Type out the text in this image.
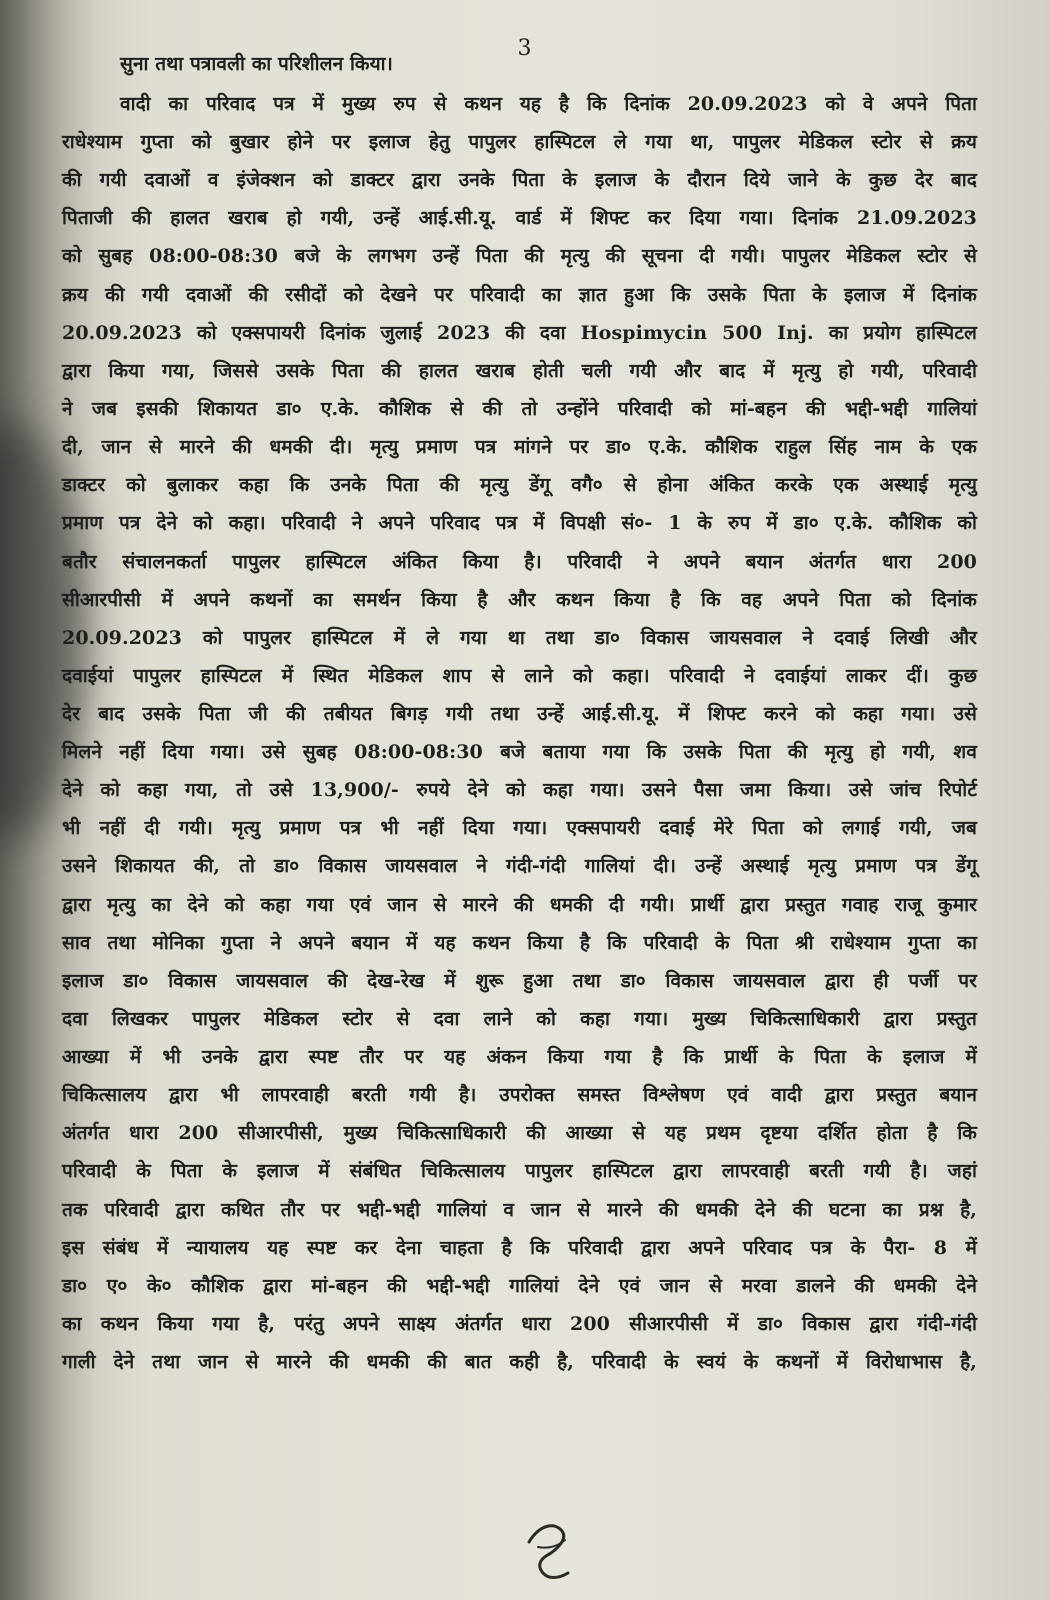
3
सुना तथा पत्रावली का परिशीलन किया।
वादी का परिवाद पत्र में मुख्य रुप से कथन यह है कि दिनांक 20.09.2023 को वे अपने पिता
राधेश्याम गुप्ता को बुखार होने पर इलाज हेतु पापुलर हास्पिटल ले गया था, पापुलर मेडिकल स्टोर से क्रय
की गयी दवाओं व इंजेक्शन को डाक्टर द्वारा उनके पिता के इलाज के दौरान दिये जाने के कुछ देर बाद
पिताजी की हालत खराब हो गयी, उन्हें आई.सी.यू. वार्ड में शिफ्ट कर दिया गया। दिनांक 21.09.2023
को सुबह 08:00-08:30 बजे के लगभग उन्हें पिता की मृत्यु की सूचना दी गयी। पापुलर मेडिकल स्टोर से
क्रय की गयी दवाओं की रसीदों को देखने पर परिवादी का ज्ञात हुआ कि उसके पिता के इलाज में दिनांक
20.09.2023 को एक्सपायरी दिनांक जुलाई 2023 की दवा Hospimycin 500 Inj. का प्रयोग हास्पिटल
द्वारा किया गया, जिससे उसके पिता की हालत खराब होती चली गयी और बाद में मृत्यु हो गयी, परिवादी
ने जब इसकी शिकायत डा० ए.के. कौशिक से की तो उन्होंने परिवादी को मां-बहन की भद्दी-भद्दी गालियां
दी, जान से मारने की धमकी दी। मृत्यु प्रमाण पत्र मांगने पर डा० ए.के. कौशिक राहुल सिंह नाम के एक
डाक्टर को बुलाकर कहा कि उनके पिता की मृत्यु डेंगू वगै० से होना अंकित करके एक अस्थाई मृत्यु
प्रमाण पत्र देने को कहा। परिवादी ने अपने परिवाद पत्र में विपक्षी सं०- 1 के रुप में डा० ए.के. कौशिक को
बतौर संचालनकर्ता पापुलर हास्पिटल अंकित किया है। परिवादी ने अपने बयान अंतर्गत धारा 200
सीआरपीसी में अपने कथनों का समर्थन किया है और कथन किया है कि वह अपने पिता को दिनांक
20.09.2023 को पापुलर हास्पिटल में ले गया था तथा डा० विकास जायसवाल ने दवाई लिखी और
दवाईयां पापुलर हास्पिटल में स्थित मेडिकल शाप से लाने को कहा। परिवादी ने दवाईयां लाकर दीं। कुछ
देर बाद उसके पिता जी की तबीयत बिगड़ गयी तथा उन्हें आई.सी.यू. में शिफ्ट करने को कहा गया। उसे
मिलने नहीं दिया गया। उसे सुबह 08:00-08:30 बजे बताया गया कि उसके पिता की मृत्यु हो गयी, शव
देने को कहा गया, तो उसे 13,900/- रुपये देने को कहा गया। उसने पैसा जमा किया। उसे जांच रिपोर्ट
भी नहीं दी गयी। मृत्यु प्रमाण पत्र भी नहीं दिया गया। एक्सपायरी दवाई मेरे पिता को लगाई गयी, जब
उसने शिकायत की, तो डा० विकास जायसवाल ने गंदी-गंदी गालियां दी। उन्हें अस्थाई मृत्यु प्रमाण पत्र डेंगू
द्वारा मृत्यु का देने को कहा गया एवं जान से मारने की धमकी दी गयी। प्रार्थी द्वारा प्रस्तुत गवाह राजू कुमार
साव तथा मोनिका गुप्ता ने अपने बयान में यह कथन किया है कि परिवादी के पिता श्री राधेश्याम गुप्ता का
इलाज डा० विकास जायसवाल की देख-रेख में शुरू हुआ तथा डा० विकास जायसवाल द्वारा ही पर्जी पर
दवा लिखकर पापुलर मेडिकल स्टोर से दवा लाने को कहा गया। मुख्य चिकित्साधिकारी द्वारा प्रस्तुत
आख्या में भी उनके द्वारा स्पष्ट तौर पर यह अंकन किया गया है कि प्रार्थी के पिता के इलाज में
चिकित्सालय द्वारा भी लापरवाही बरती गयी है। उपरोक्त समस्त विश्लेषण एवं वादी द्वारा प्रस्तुत बयान
अंतर्गत धारा 200 सीआरपीसी, मुख्य चिकित्साधिकारी की आख्या से यह प्रथम दृष्टया दर्शित होता है कि
परिवादी के पिता के इलाज में संबंधित चिकित्सालय पापुलर हास्पिटल द्वारा लापरवाही बरती गयी है। जहां
तक परिवादी द्वारा कथित तौर पर भद्दी-भद्दी गालियां व जान से मारने की धमकी देने की घटना का प्रश्न है,
इस संबंध में न्यायालय यह स्पष्ट कर देना चाहता है कि परिवादी द्वारा अपने परिवाद पत्र के पैरा- 8 में
डा० ए० के० कौशिक द्वारा मां-बहन की भद्दी-भद्दी गालियां देने एवं जान से मरवा डालने की धमकी देने
का कथन किया गया है, परंतु अपने साक्ष्य अंतर्गत धारा 200 सीआरपीसी में डा० विकास द्वारा गंदी-गंदी
गाली देने तथा जान से मारने की धमकी की बात कही है, परिवादी के स्वयं के कथनों में विरोधाभास है,
